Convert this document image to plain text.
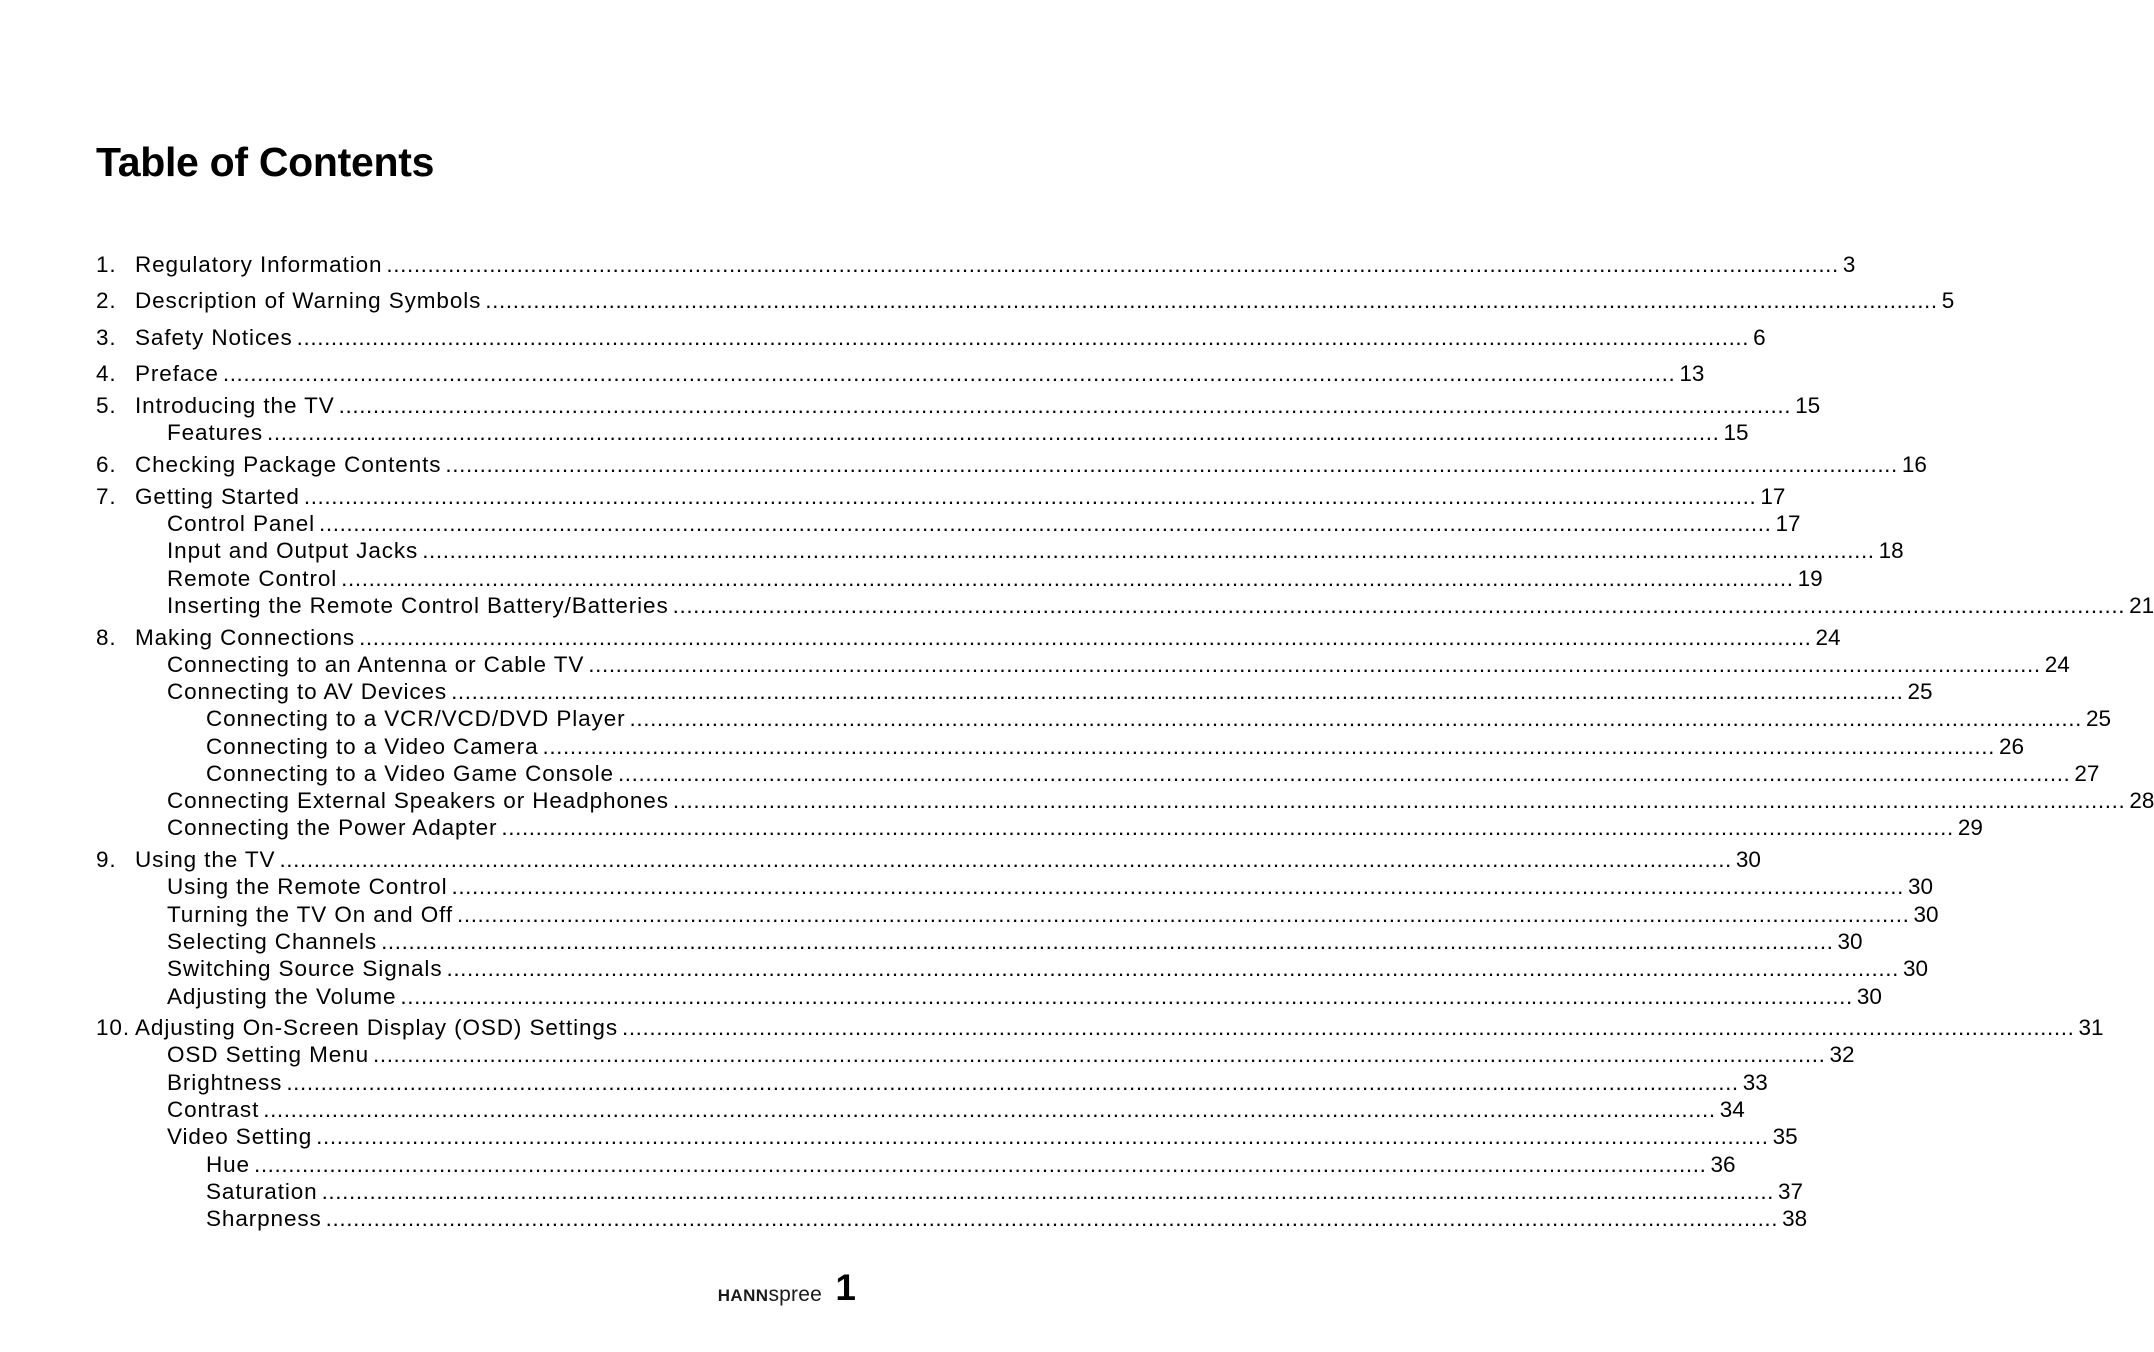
Table of Contents
1. Regulatory Information .................................................................................................................................................................................................................... 3
2. Description of Warning Symbols .................................................................................................................................................................................................................... 5
3. Safety Notices .................................................................................................................................................................................................................... 6
4. Preface .................................................................................................................................................................................................................... 13
5. Introducing the TV .................................................................................................................................................................................................................... 15
Features .................................................................................................................................................................................................................... 15
6. Checking Package Contents .................................................................................................................................................................................................................... 16
7. Getting Started .................................................................................................................................................................................................................... 17
Control Panel .................................................................................................................................................................................................................... 17
Input and Output Jacks .................................................................................................................................................................................................................... 18
Remote Control .................................................................................................................................................................................................................... 19
Inserting the Remote Control Battery/Batteries .................................................................................................................................................................................................................... 21
8. Making Connections .................................................................................................................................................................................................................... 24
Connecting to an Antenna or Cable TV .................................................................................................................................................................................................................... 24
Connecting to AV Devices .................................................................................................................................................................................................................... 25
Connecting to a VCR/VCD/DVD Player .................................................................................................................................................................................................................... 25
Connecting to a Video Camera .................................................................................................................................................................................................................... 26
Connecting to a Video Game Console .................................................................................................................................................................................................................... 27
Connecting External Speakers or Headphones .................................................................................................................................................................................................................... 28
Connecting the Power Adapter .................................................................................................................................................................................................................... 29
9. Using the TV .................................................................................................................................................................................................................... 30
Using the Remote Control .................................................................................................................................................................................................................... 30
Turning the TV On and Off .................................................................................................................................................................................................................... 30
Selecting Channels .................................................................................................................................................................................................................... 30
Switching Source Signals .................................................................................................................................................................................................................... 30
Adjusting the Volume .................................................................................................................................................................................................................... 30
10. Adjusting On-Screen Display (OSD) Settings .................................................................................................................................................................................................................... 31
OSD Setting Menu .................................................................................................................................................................................................................... 32
Brightness .................................................................................................................................................................................................................... 33
Contrast .................................................................................................................................................................................................................... 34
Video Setting .................................................................................................................................................................................................................... 35
Hue .................................................................................................................................................................................................................... 36
Saturation .................................................................................................................................................................................................................... 37
Sharpness .................................................................................................................................................................................................................... 38
HANNspree 1
